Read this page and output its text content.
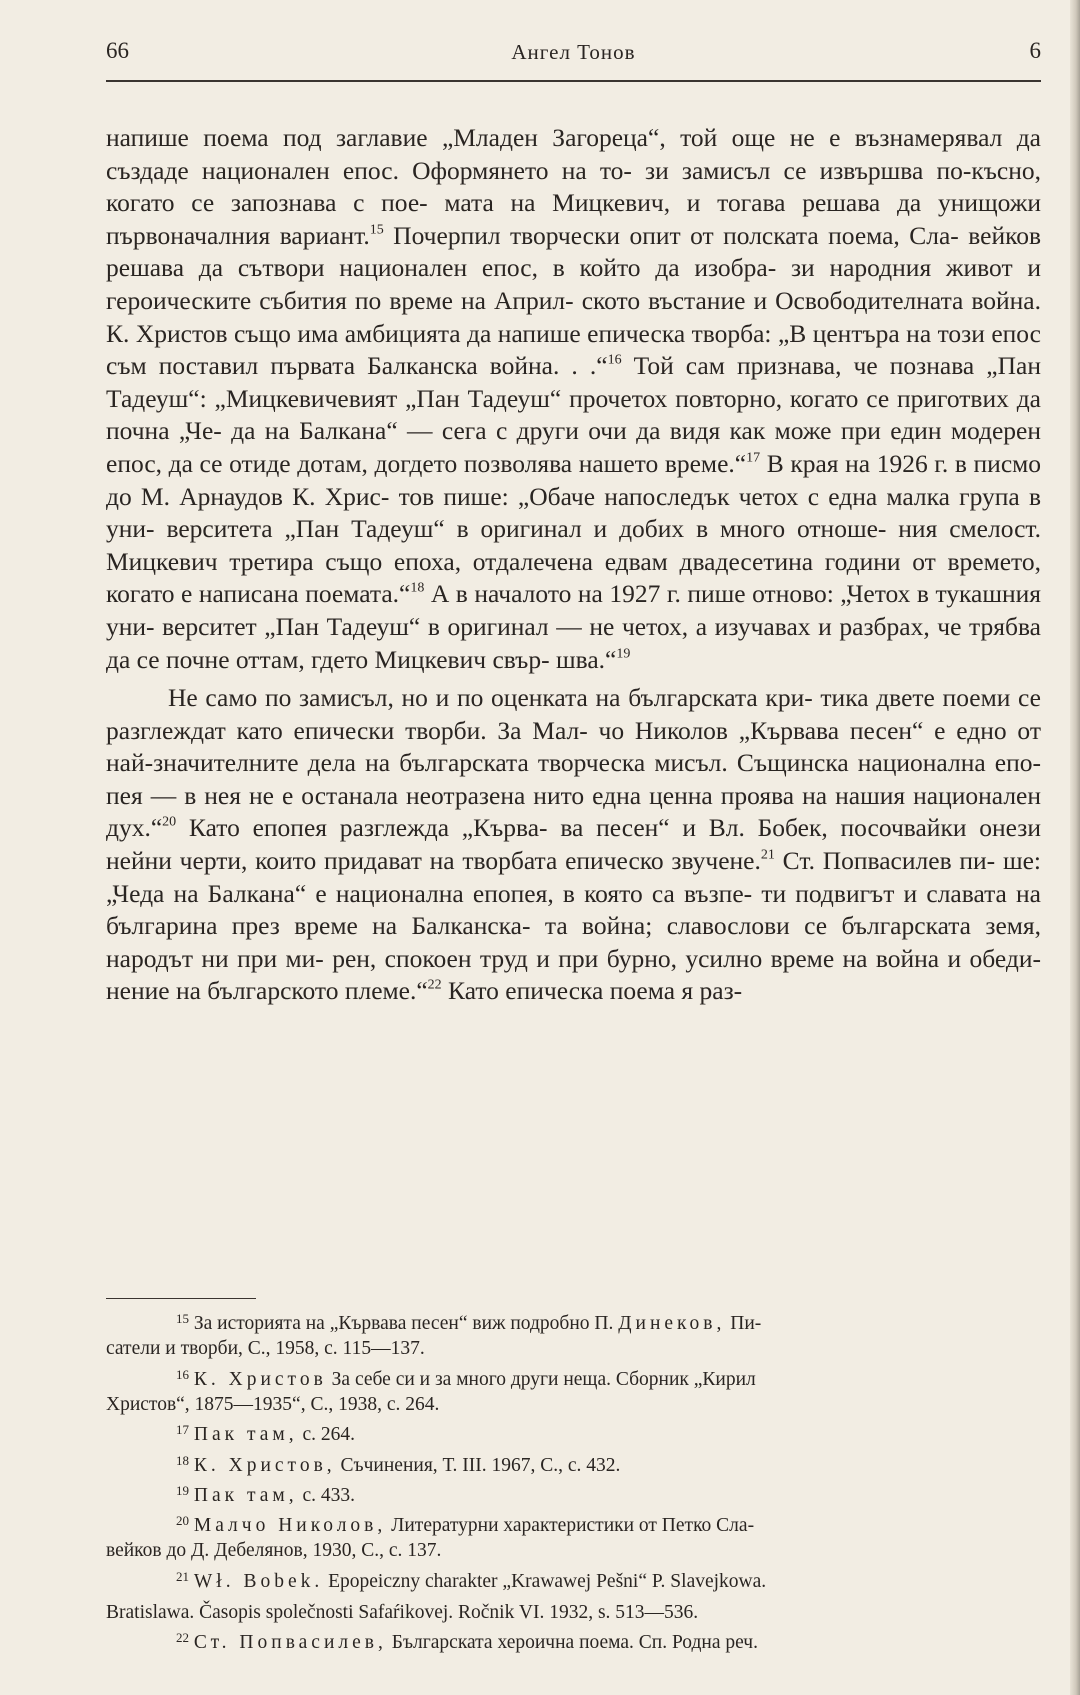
66	Ангел Тонов	6

напише поема под заглавие „Младен Загореца“, той още не е възнамерявал да създаде национален епос. Оформянето на то- зи замисъл се извършва по-късно, когато се запознава с пое- мата на Мицкевич, и тогава решава да унищожи първоначалния вариант.$^{15}$ Почерпил творчески опит от полската поема, Сла- вейков решава да сътвори национален епос, в който да изобра- зи народния живот и героическите събития по време на Април- ското въстание и Освободителната война. К. Христов също има амбицията да напише епическа творба: „В центъра на този епос съм поставил първата Балканска война. . .“$^{16}$ Той сам признава, че познава „Пан Тадеуш“: „Мицкевичевият „Пан Тадеуш“ прочетох повторно, когато се приготвих да почна „Че- да на Балкана“ — сега с други очи да видя как може при един модерен епос, да се отиде дотам, догдето позволява нашето време.“$^{17}$ В края на 1926 г. в писмо до М. Арнаудов К. Хрис- тов пише: „Обаче напоследък четох с една малка група в уни- верситета „Пан Тадеуш“ в оригинал и добих в много отноше- ния смелост. Мицкевич третира също епоха, отдалечена едвам двадесетина години от времето, когато е написана поемата.“$^{18}$ А в началото на 1927 г. пише отново: „Четох в тукашния уни- верситет „Пан Тадеуш“ в оригинал — не четох, а изучавах и разбрах, че трябва да се почне оттам, гдето Мицкевич свър- шва.“$^{19}$

Не само по замисъл, но и по оценката на българската кри- тика двете поеми се разглеждат като епически творби. За Мал- чо Николов „Кървава песен“ е едно от най-значителните дела на българската творческа мисъл. Същинска национална епо- пея — в нея не е останала неотразена нито една ценна проява на нашия национален дух.“$^{20}$ Като епопея разглежда „Кърва- ва песен“ и Вл. Бобек, посочвайки онези нейни черти, които придават на творбата епическо звучене.$^{21}$ Ст. Попвасилев пи- ше: „Чеда на Балкана“ е национална епопея, в която са възпе- ти подвигът и славата на българина през време на Балканска- та война; славослови се българската земя, народът ни при ми- рен, спокоен труд и при бурно, усилно време на война и обеди- нение на българското племе.“$^{22}$ Като епическа поема я раз-

$^{15}$ За историята на „Кървава песен“ виж подробно П. Динеков, Пи-

сатели и творби, С., 1958, с. 115—137.

$^{16}$ К. Христов За себе си и за много други неща. Сборник „Кирил

Христов“, 1875—1935“, С., 1938, с. 264.

$^{17}$ Пак там, с. 264.

$^{18}$ К. Христов, Съчинения, Т. III. 1967, С., с. 432.

$^{19}$ Пак там, с. 433.

$^{20}$ Малчо Николов, Литературни характеристики от Петко Сла-

вейков до Д. Дебелянов, 1930, С., с. 137.

$^{21}$ Wł. Bobek. Epopeiczny charakter „Krawawej Pešni“ P. Slavejkowa.

Bratislawa. Časopis společnosti Safaŕikovej. Ročnik VI. 1932, s. 513—536.

$^{22}$ Ст. Попвасилев, Българската хероична поема. Сп. Родна реч.
